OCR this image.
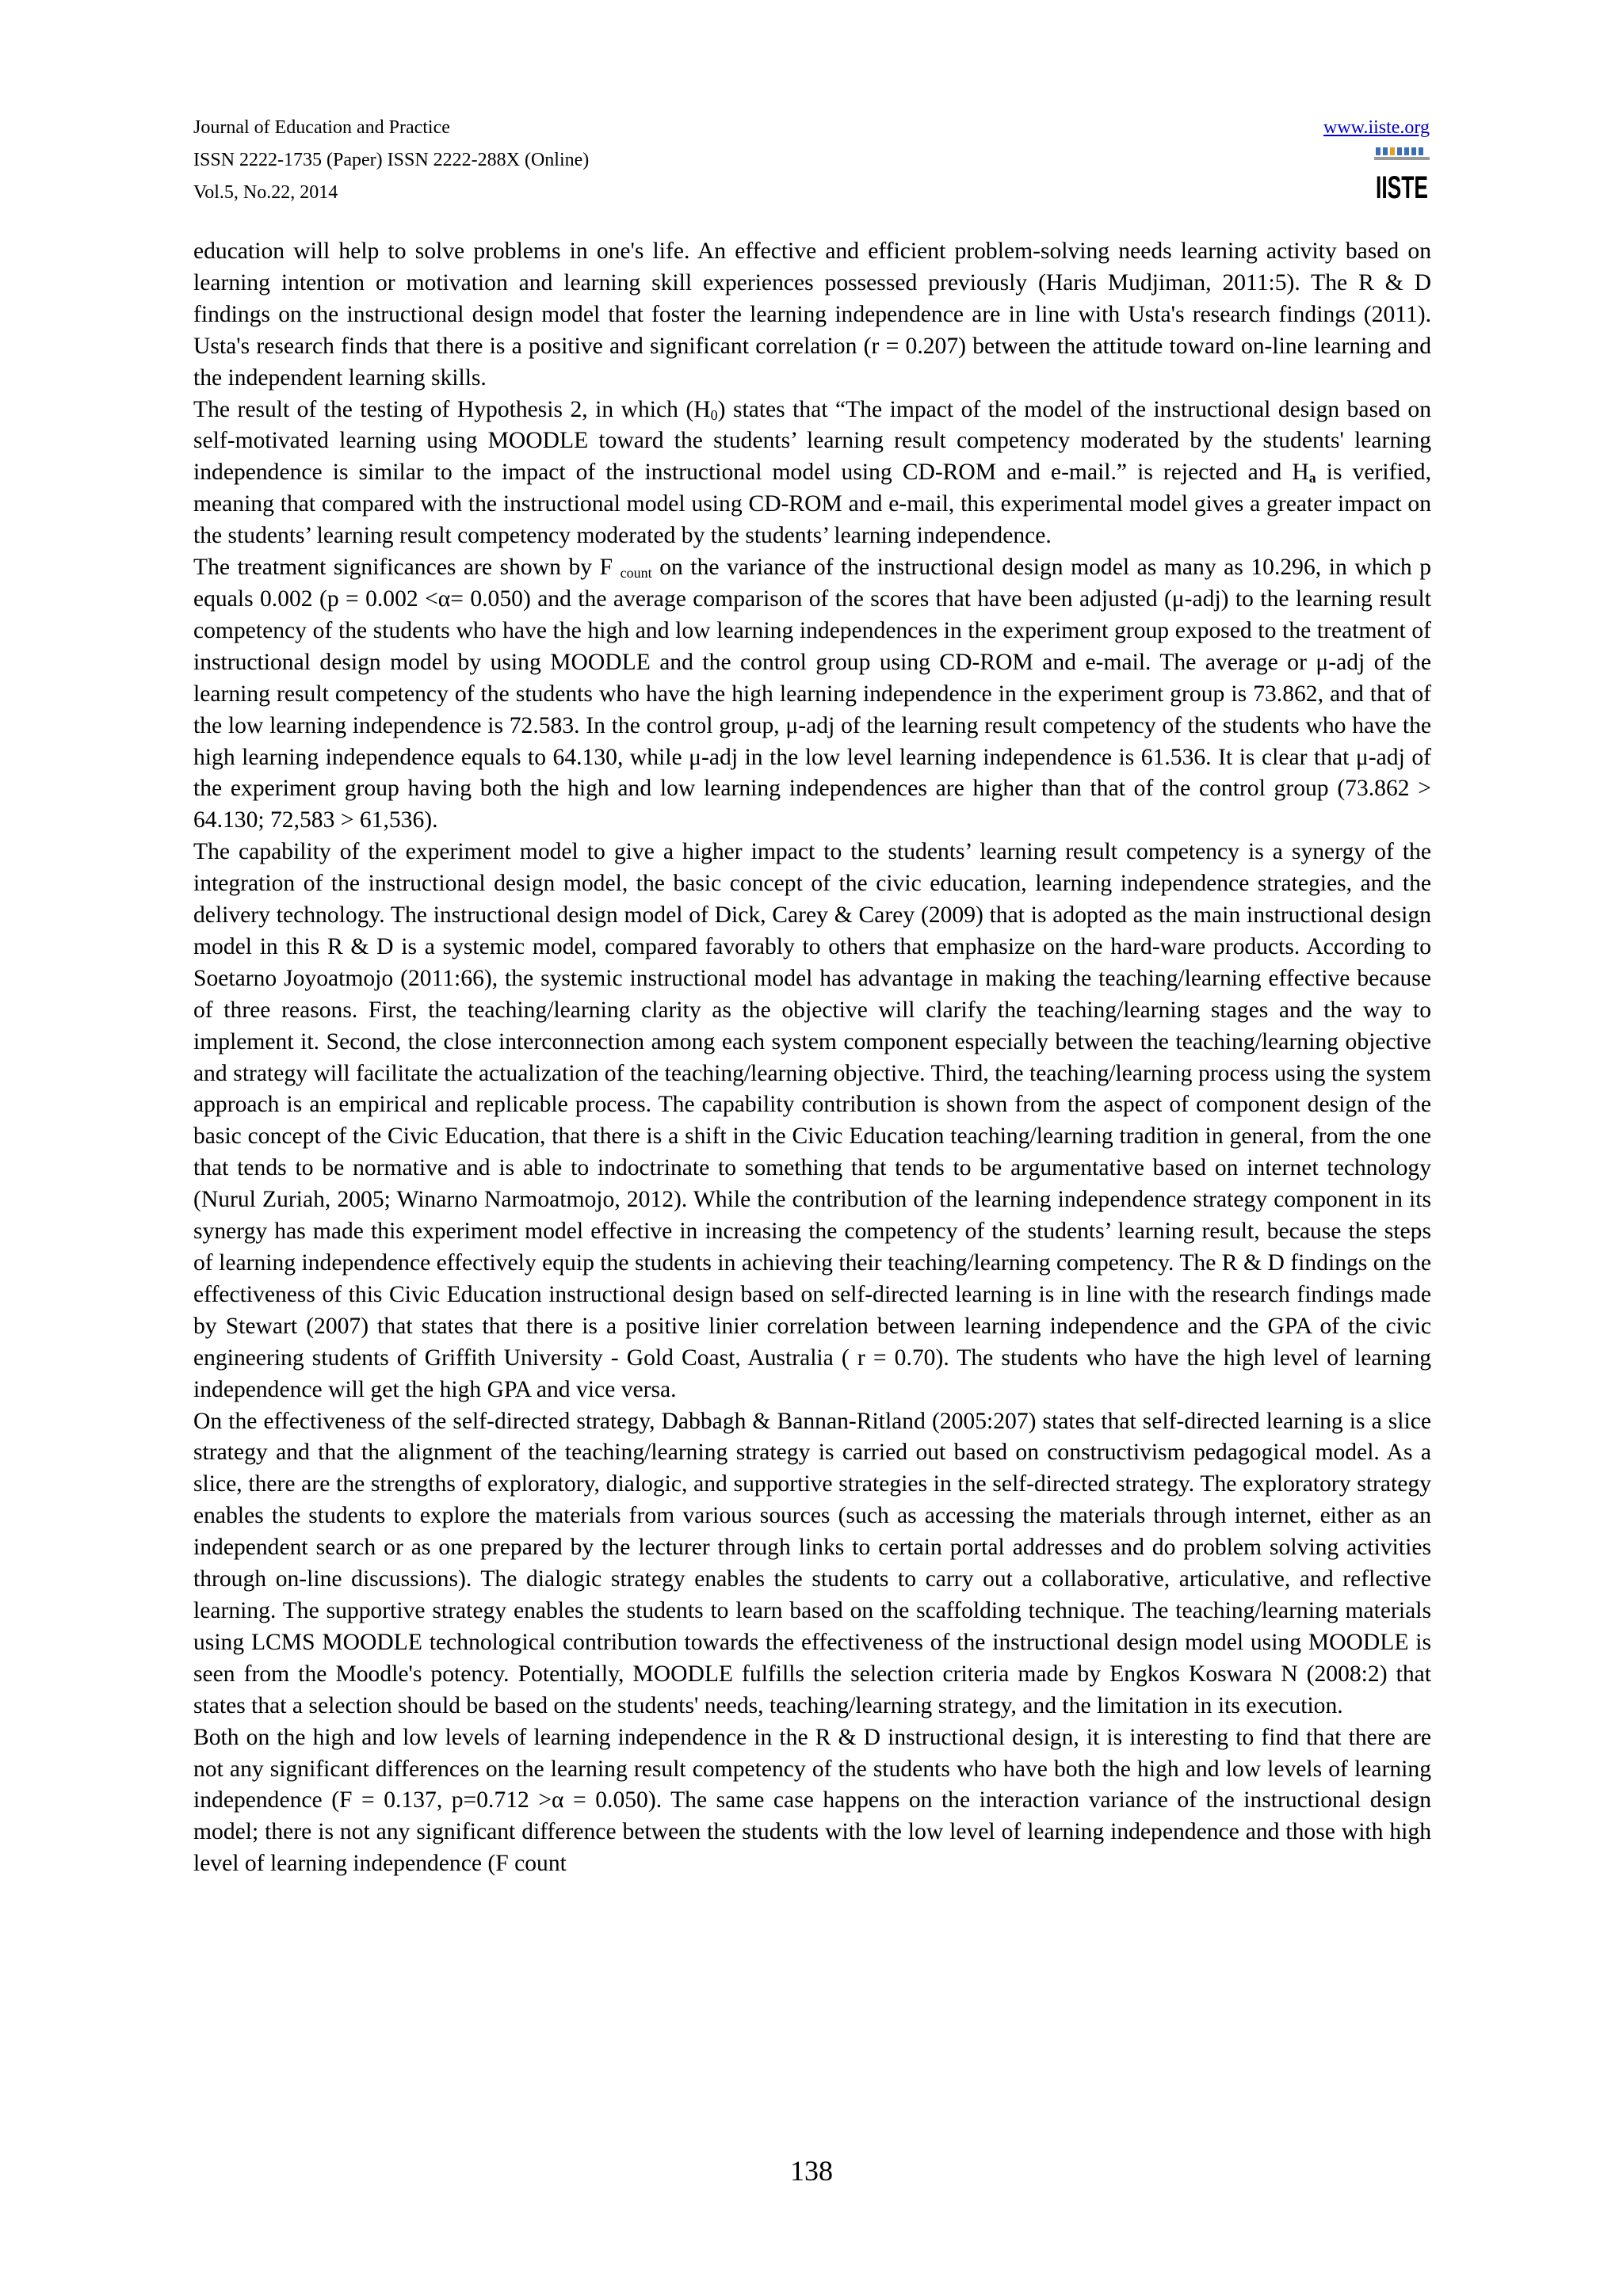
Journal of Education and Practice
ISSN 2222-1735 (Paper) ISSN 2222-288X (Online)
Vol.5, No.22, 2014
www.iiste.org
IISTE

education will help to solve problems in one's life. An effective and efficient problem-solving needs learning activity based on learning intention or motivation and learning skill experiences possessed previously (Haris Mudjiman, 2011:5). The R & D findings on the instructional design model that foster the learning independence are in line with Usta's research findings (2011). Usta's research finds that there is a positive and significant correlation (r = 0.207) between the attitude toward on-line learning and the independent learning skills.

The result of the testing of Hypothesis 2, in which $(H_0)$ states that “The impact of the model of the instructional design based on self-motivated learning using MOODLE toward the students’ learning result competency moderated by the students' learning independence is similar to the impact of the instructional model using CD-ROM and e-mail.” is rejected and $H_a$ is verified, meaning that compared with the instructional model using CD-ROM and e-mail, this experimental model gives a greater impact on the students’ learning result competency moderated by the students’ learning independence.

The treatment significances are shown by F $_{count}$ on the variance of the instructional design model as many as 10.296, in which p equals 0.002 (p = 0.002 <α= 0.050) and the average comparison of the scores that have been adjusted (μ-adj) to the learning result competency of the students who have the high and low learning independences in the experiment group exposed to the treatment of instructional design model by using MOODLE and the control group using CD-ROM and e-mail. The average or μ-adj of the learning result competency of the students who have the high learning independence in the experiment group is 73.862, and that of the low learning independence is 72.583. In the control group, μ-adj of the learning result competency of the students who have the high learning independence equals to 64.130, while μ-adj in the low level learning independence is 61.536. It is clear that μ-adj of the experiment group having both the high and low learning independences are higher than that of the control group (73.862 > 64.130; 72,583 > 61,536).

The capability of the experiment model to give a higher impact to the students’ learning result competency is a synergy of the integration of the instructional design model, the basic concept of the civic education, learning independence strategies, and the delivery technology. The instructional design model of Dick, Carey & Carey (2009) that is adopted as the main instructional design model in this R & D is a systemic model, compared favorably to others that emphasize on the hard-ware products. According to Soetarno Joyoatmojo (2011:66), the systemic instructional model has advantage in making the teaching/learning effective because of three reasons. First, the teaching/learning clarity as the objective will clarify the teaching/learning stages and the way to implement it. Second, the close interconnection among each system component especially between the teaching/learning objective and strategy will facilitate the actualization of the teaching/learning objective. Third, the teaching/learning process using the system approach is an empirical and replicable process. The capability contribution is shown from the aspect of component design of the basic concept of the Civic Education, that there is a shift in the Civic Education teaching/learning tradition in general, from the one that tends to be normative and is able to indoctrinate to something that tends to be argumentative based on internet technology (Nurul Zuriah, 2005; Winarno Narmoatmojo, 2012). While the contribution of the learning independence strategy component in its synergy has made this experiment model effective in increasing the competency of the students’ learning result, because the steps of learning independence effectively equip the students in achieving their teaching/learning competency. The R & D findings on the effectiveness of this Civic Education instructional design based on self-directed learning is in line with the research findings made by Stewart (2007) that states that there is a positive linier correlation between learning independence and the GPA of the civic engineering students of Griffith University - Gold Coast, Australia ( r = 0.70). The students who have the high level of learning independence will get the high GPA and vice versa.

On the effectiveness of the self-directed strategy, Dabbagh & Bannan-Ritland (2005:207) states that self-directed learning is a slice strategy and that the alignment of the teaching/learning strategy is carried out based on constructivism pedagogical model. As a slice, there are the strengths of exploratory, dialogic, and supportive strategies in the self-directed strategy. The exploratory strategy enables the students to explore the materials from various sources (such as accessing the materials through internet, either as an independent search or as one prepared by the lecturer through links to certain portal addresses and do problem solving activities through on-line discussions). The dialogic strategy enables the students to carry out a collaborative, articulative, and reflective learning. The supportive strategy enables the students to learn based on the scaffolding technique. The teaching/learning materials using LCMS MOODLE technological contribution towards the effectiveness of the instructional design model using MOODLE is seen from the Moodle's potency. Potentially, MOODLE fulfills the selection criteria made by Engkos Koswara N (2008:2) that states that a selection should be based on the students' needs, teaching/learning strategy, and the limitation in its execution.

Both on the high and low levels of learning independence in the R & D instructional design, it is interesting to find that there are not any significant differences on the learning result competency of the students who have both the high and low levels of learning independence (F = 0.137, p=0.712 >α = 0.050). The same case happens on the interaction variance of the instructional design model; there is not any significant difference between the students with the low level of learning independence and those with high level of learning independence (F count

138
